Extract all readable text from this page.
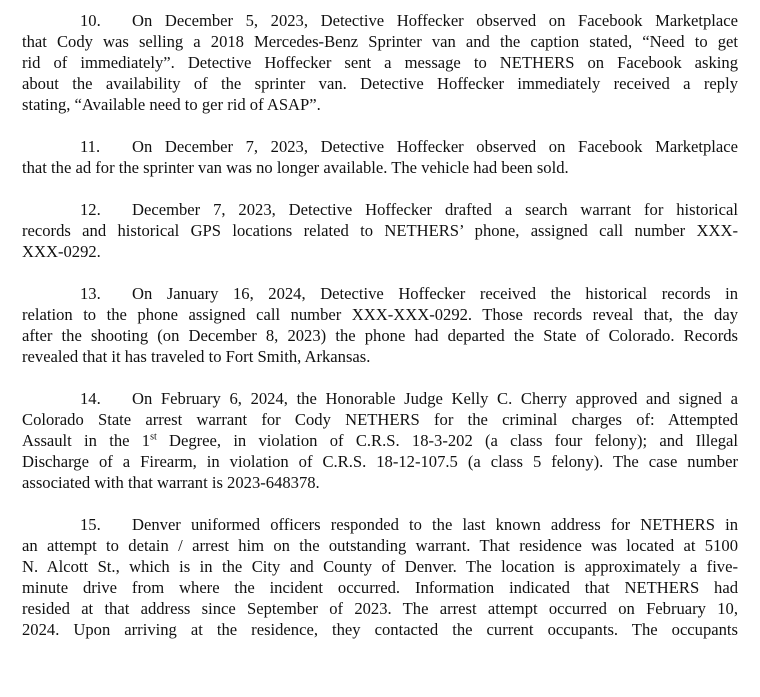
10. On December 5, 2023, Detective Hoffecker observed on Facebook Marketplace
that Cody was selling a 2018 Mercedes-Benz Sprinter van and the caption stated, “Need to get
rid of immediately”. Detective Hoffecker sent a message to NETHERS on Facebook asking
about the availability of the sprinter van. Detective Hoffecker immediately received a reply
stating, “Available need to ger rid of ASAP”.
11. On December 7, 2023, Detective Hoffecker observed on Facebook Marketplace
that the ad for the sprinter van was no longer available. The vehicle had been sold.
12. December 7, 2023, Detective Hoffecker drafted a search warrant for historical
records and historical GPS locations related to NETHERS’ phone, assigned call number XXX-
XXX-0292.
13. On January 16, 2024, Detective Hoffecker received the historical records in
relation to the phone assigned call number XXX-XXX-0292. Those records reveal that, the day
after the shooting (on December 8, 2023) the phone had departed the State of Colorado. Records
revealed that it has traveled to Fort Smith, Arkansas.
14. On February 6, 2024, the Honorable Judge Kelly C. Cherry approved and signed a
Colorado State arrest warrant for Cody NETHERS for the criminal charges of: Attempted
Assault in the 1st Degree, in violation of C.R.S. 18-3-202 (a class four felony); and Illegal
Discharge of a Firearm, in violation of C.R.S. 18-12-107.5 (a class 5 felony). The case number
associated with that warrant is 2023-648378.
15. Denver uniformed officers responded to the last known address for NETHERS in
an attempt to detain / arrest him on the outstanding warrant. That residence was located at 5100
N. Alcott St., which is in the City and County of Denver. The location is approximately a five-
minute drive from where the incident occurred. Information indicated that NETHERS had
resided at that address since September of 2023. The arrest attempt occurred on February 10,
2024. Upon arriving at the residence, they contacted the current occupants. The occupants
